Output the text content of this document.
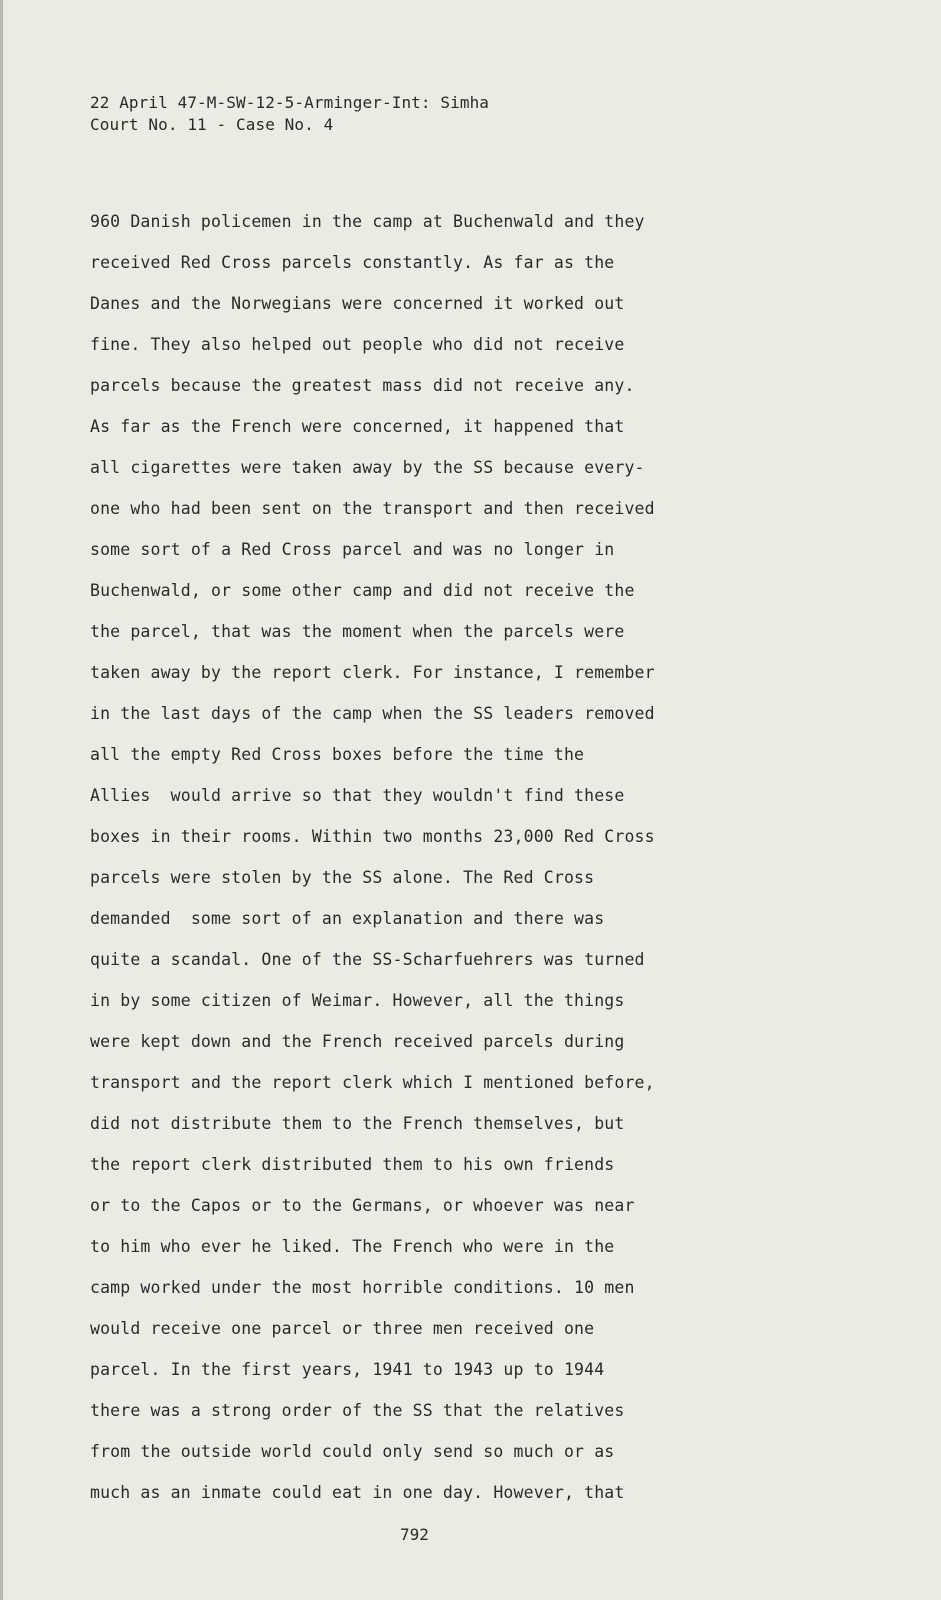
22 April 47-M-SW-12-5-Arminger-Int: Simha
Court No. 11 - Case No. 4
960 Danish policemen in the camp at Buchenwald and they
received Red Cross parcels constantly. As far as the
Danes and the Norwegians were concerned it worked out
fine. They also helped out people who did not receive
parcels because the greatest mass did not receive any.
As far as the French were concerned, it happened that
all cigarettes were taken away by the SS because every-
one who had been sent on the transport and then received
some sort of a Red Cross parcel and was no longer in
Buchenwald, or some other camp and did not receive the
the parcel, that was the moment when the parcels were
taken away by the report clerk. For instance, I remember
in the last days of the camp when the SS leaders removed
all the empty Red Cross boxes before the time the
Allies  would arrive so that they wouldn't find these
boxes in their rooms. Within two months 23,000 Red Cross
parcels were stolen by the SS alone. The Red Cross
demanded  some sort of an explanation and there was
quite a scandal. One of the SS-Scharfuehrers was turned
in by some citizen of Weimar. However, all the things
were kept down and the French received parcels during
transport and the report clerk which I mentioned before,
did not distribute them to the French themselves, but
the report clerk distributed them to his own friends
or to the Capos or to the Germans, or whoever was near
to him who ever he liked. The French who were in the
camp worked under the most horrible conditions. 10 men
would receive one parcel or three men received one
parcel. In the first years, 1941 to 1943 up to 1944
there was a strong order of the SS that the relatives
from the outside world could only send so much or as
much as an inmate could eat in one day. However, that
792
